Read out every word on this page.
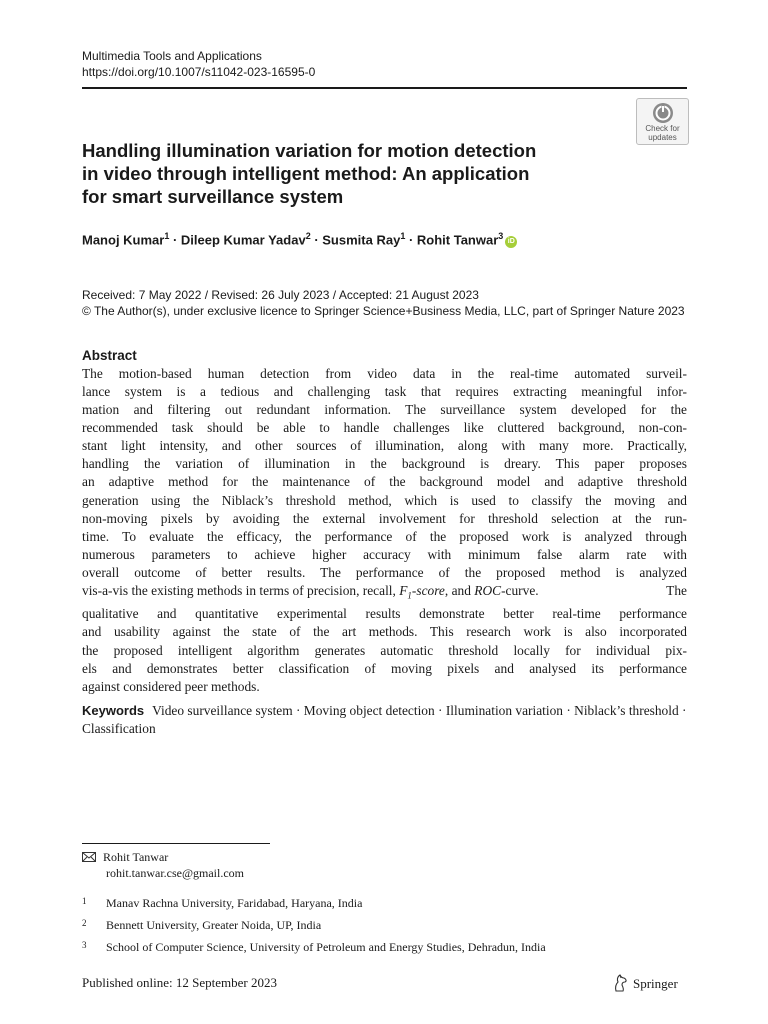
Multimedia Tools and Applications
https://doi.org/10.1007/s11042-023-16595-0
Check for
updates
Handling illumination variation for motion detection
in video through intelligent method: An application
for smart surveillance system
Manoj Kumar$^1$ · Dileep Kumar Yadav$^2$ · Susmita Ray$^1$ · Rohit Tanwar$^3$iD
Received: 7 May 2022 / Revised: 26 July 2023 / Accepted: 21 August 2023
© The Author(s), under exclusive licence to Springer Science+Business Media, LLC, part of Springer Nature 2023
Abstract
The motion-based human detection from video data in the real-time automated surveil-
lance system is a tedious and challenging task that requires extracting meaningful infor-
mation and filtering out redundant information. The surveillance system developed for the
recommended task should be able to handle challenges like cluttered background, non-con-
stant light intensity, and other sources of illumination, along with many more. Practically,
handling the variation of illumination in the background is dreary. This paper proposes
an adaptive method for the maintenance of the background model and adaptive threshold
generation using the Niblack’s threshold method, which is used to classify the moving and
non-moving pixels by avoiding the external involvement for threshold selection at the run-
time. To evaluate the efficacy, the performance of the proposed work is analyzed through
numerous parameters to achieve higher accuracy with minimum false alarm rate with
overall outcome of better results. The performance of the proposed method is analyzed
vis-a-vis the existing methods in terms of precision, recall, $F_1$-score, and ROC-curve.	The
qualitative and quantitative experimental results demonstrate better real-time performance
and usability against the state of the art methods. This research work is also incorporated
the proposed intelligent algorithm generates automatic threshold locally for individual pix-
els and demonstrates better classification of moving pixels and analysed its performance
against considered peer methods.
Keywords Video surveillance system · Moving object detection · Illumination variation · Niblack’s threshold · Classification
Rohit Tanwar
rohit.tanwar.cse@gmail.com
1 Manav Rachna University, Faridabad, Haryana, India
2 Bennett University, Greater Noida, UP, India
3 School of Computer Science, University of Petroleum and Energy Studies, Dehradun, India
Published online: 12 September 2023	Springer
